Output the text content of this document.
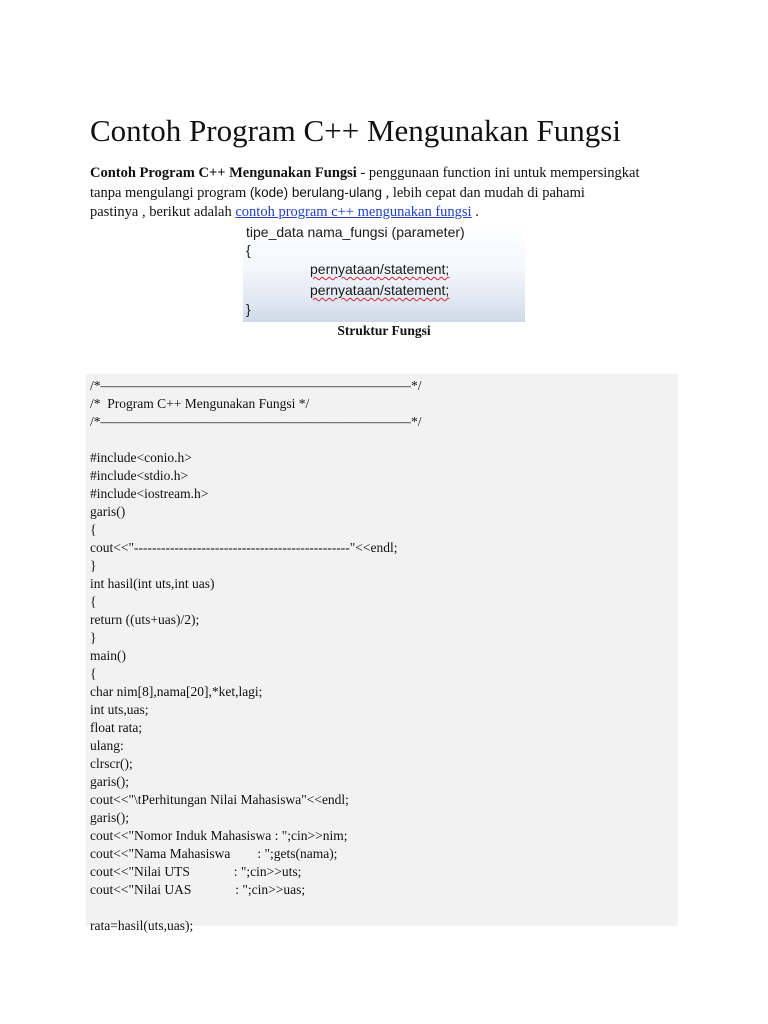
Contoh Program C++ Mengunakan Fungsi
Contoh Program C++ Mengunakan Fungsi - penggunaan function ini untuk mempersingkat
tanpa mengulangi program (kode) berulang-ulang , lebih cepat dan mudah di pahami
pastinya , berikut adalah contoh program c++ mengunakan fungsi .
tipe_data nama_fungsi (parameter)
{
pernyataan/statement;
pernyataan/statement;
}
Struktur Fungsi
/*———————————————————————*/
/*  Program C++ Mengunakan Fungsi */
/*———————————————————————*/
#include<conio.h>
#include<stdio.h>
#include<iostream.h>
garis()
{
cout<<"------------------------------------------------"<<endl;
}
int hasil(int uts,int uas)
{
return ((uts+uas)/2);
}
main()
{
char nim[8],nama[20],*ket,lagi;
int uts,uas;
float rata;
ulang:
clrscr();
garis();
cout<<"\tPerhitungan Nilai Mahasiswa"<<endl;
garis();
cout<<"Nomor Induk Mahasiswa : ";cin>>nim;
cout<<"Nama Mahasiswa        : ";gets(nama);
cout<<"Nilai UTS             : ";cin>>uts;
cout<<"Nilai UAS             : ";cin>>uas;
rata=hasil(uts,uas);
